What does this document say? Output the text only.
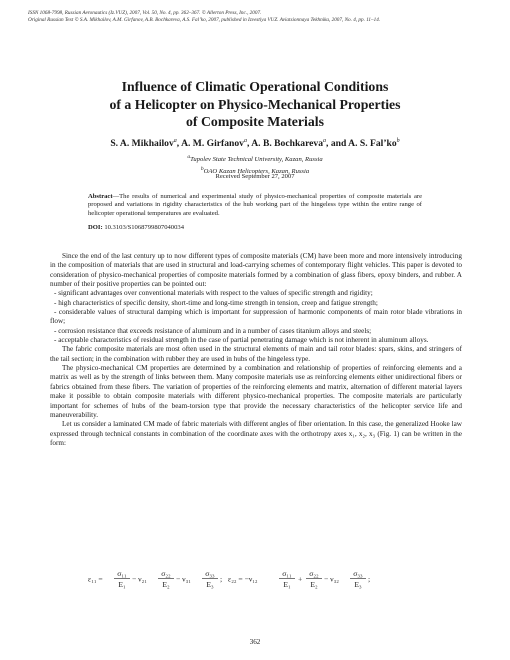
ISSN 1068-7998, Russian Aeronautics (Iz.VUZ), 2007, Vol. 50, No. 4, pp. 362–367. © Allerton Press, Inc., 2007.
Original Russian Text © S.A. Mikhailov, A.M. Girfanov, A.B. Bochkareva, A.S. Fal’ko, 2007, published in Izvestiya VUZ. Aviatsionnaya Tekhnika, 2007, No. 4, pp. 11–14.
Influence of Climatic Operational Conditions
of a Helicopter on Physico-Mechanical Properties
of Composite Materials
S. A. Mikhailov$^a$, A. M. Girfanov$^a$, A. B. Bochkareva$^a$, and A. S. $Fal’ko^b$
$^a$Tupolev State Technical University, Kazan, Russia
$^b$OAO Kazan Helicopters, Kazan, Russia
Received September 27, 2007
Abstract—The results of numerical and experimental study of physico-mechanical properties of composite materials are proposed and variations in rigidity characteristics of the hub working part of the hingeless type within the entire range of helicopter operational temperatures are evaluated.
DOI: 10.3103/S1068799807040034

Since the end of the last century up to now different types of composite materials (CM) have been more and more intensively introducing in the composition of materials that are used in structural and load-carrying schemes of contemporary flight vehicles. This paper is devoted to consideration of physico-mechanical properties of composite materials formed by a combination of glass fibers, epoxy binders, and rubber. A number of their positive properties can be pointed out:

- significant advantages over conventional materials with respect to the values of specific strength and rigidity;

- high characteristics of specific density, short-time and long-time strength in tension, creep and fatigue strength;

- considerable values of structural damping which is important for suppression of harmonic components of main rotor blade vibrations in flow;

- corrosion resistance that exceeds resistance of aluminum and in a number of cases titanium alloys and steels;

- acceptable characteristics of residual strength in the case of partial penetrating damage which is not inherent in aluminum alloys.

The fabric composite materials are most often used in the structural elements of main and tail rotor blades: spars, skins, and stringers of the tail section; in the combination with rubber they are used in hubs of the hingeless type.

The physico-mechanical CM properties are determined by a combination and relationship of properties of reinforcing elements and a matrix as well as by the strength of links between them. Many composite materials use as reinforcing elements either unidirectional fibers or fabrics obtained from these fibers. The variation of properties of the reinforcing elements and matrix, alternation of different material layers make it possible to obtain composite materials with different physico-mechanical properties. The composite materials are particularly important for schemes of hubs of the beam-torsion type that provide the necessary characteristics of the helicopter service life and maneuverability.

Let us consider a laminated CM made of fabric materials with different angles of fiber orientation. In this case, the generalized Hooke law expressed through technical constants in combination of the coordinate axes with the orthotropy axes x₁, x₂, x₃ (Fig. 1) can be written in the form:

ε₁₁ =
σ₁₁
E₁
− ν₂₁
σ₂₂
E₂
− ν₃₁
σ₃₃
E₃
; ε₂₂ = −ν₁₂
σ₁₁
E₁
+
σ₂₂
E₂
− ν₃₂
σ₃₃
E₃
;
362
